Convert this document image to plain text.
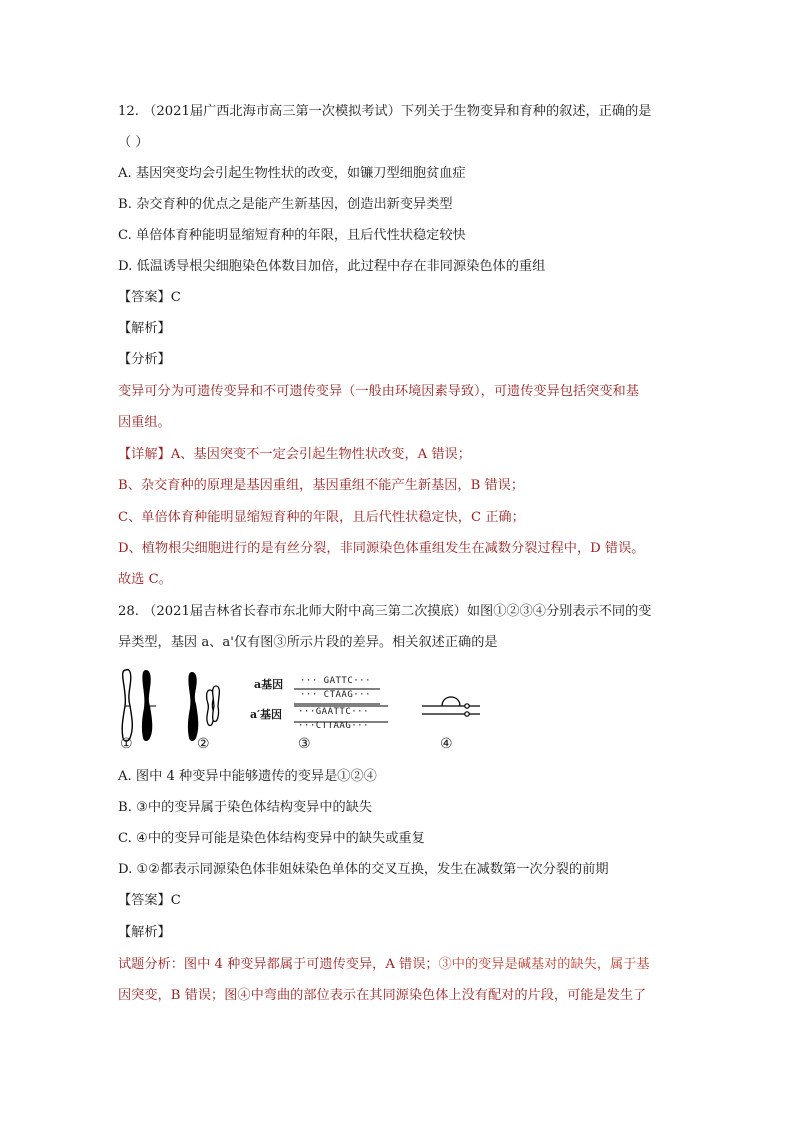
12. （2021届广西北海市高三第一次模拟考试）下列关于生物变异和育种的叙述，正确的是
（ ）
A. 基因突变均会引起生物性状的改变，如镰刀型细胞贫血症
B. 杂交育种的优点之是能产生新基因，创造出新变异类型
C. 单倍体育种能明显缩短育种的年限，且后代性状稳定较快
D. 低温诱导根尖细胞染色体数目加倍，此过程中存在非同源染色体的重组
【答案】C
【解析】
【分析】
变异可分为可遗传变异和不可遗传变异（一般由环境因素导致），可遗传变异包括突变和基
因重组。
【详解】A、基因突变不一定会引起生物性状改变，A 错误；
B、杂交育种的原理是基因重组，基因重组不能产生新基因，B 错误；
C、单倍体育种能明显缩短育种的年限，且后代性状稳定快，C 正确；
D、植物根尖细胞进行的是有丝分裂，非同源染色体重组发生在减数分裂过程中，D 错误。
故选 C。
28. （2021届吉林省长春市东北师大附中高三第二次摸底）如图①②③④分别表示不同的变
异类型，基因 a、a'仅有图③所示片段的差异。相关叙述正确的是
a基因
a′基因
··· GATTC···
··· CTAAG···
···GAATTC···
···CTTAAG···
①	②	③	④
A. 图中 4 种变异中能够遗传的变异是①②④
B. ③中的变异属于染色体结构变异中的缺失
C. ④中的变异可能是染色体结构变异中的缺失或重复
D. ①②都表示同源染色体非姐妹染色单体的交叉互换，发生在减数第一次分裂的前期
【答案】C
【解析】
试题分析：图中 4 种变异都属于可遗传变异，A 错误；③中的变异是碱基对的缺失，属于基
因突变，B 错误；图④中弯曲的部位表示在其同源染色体上没有配对的片段，可能是发生了
